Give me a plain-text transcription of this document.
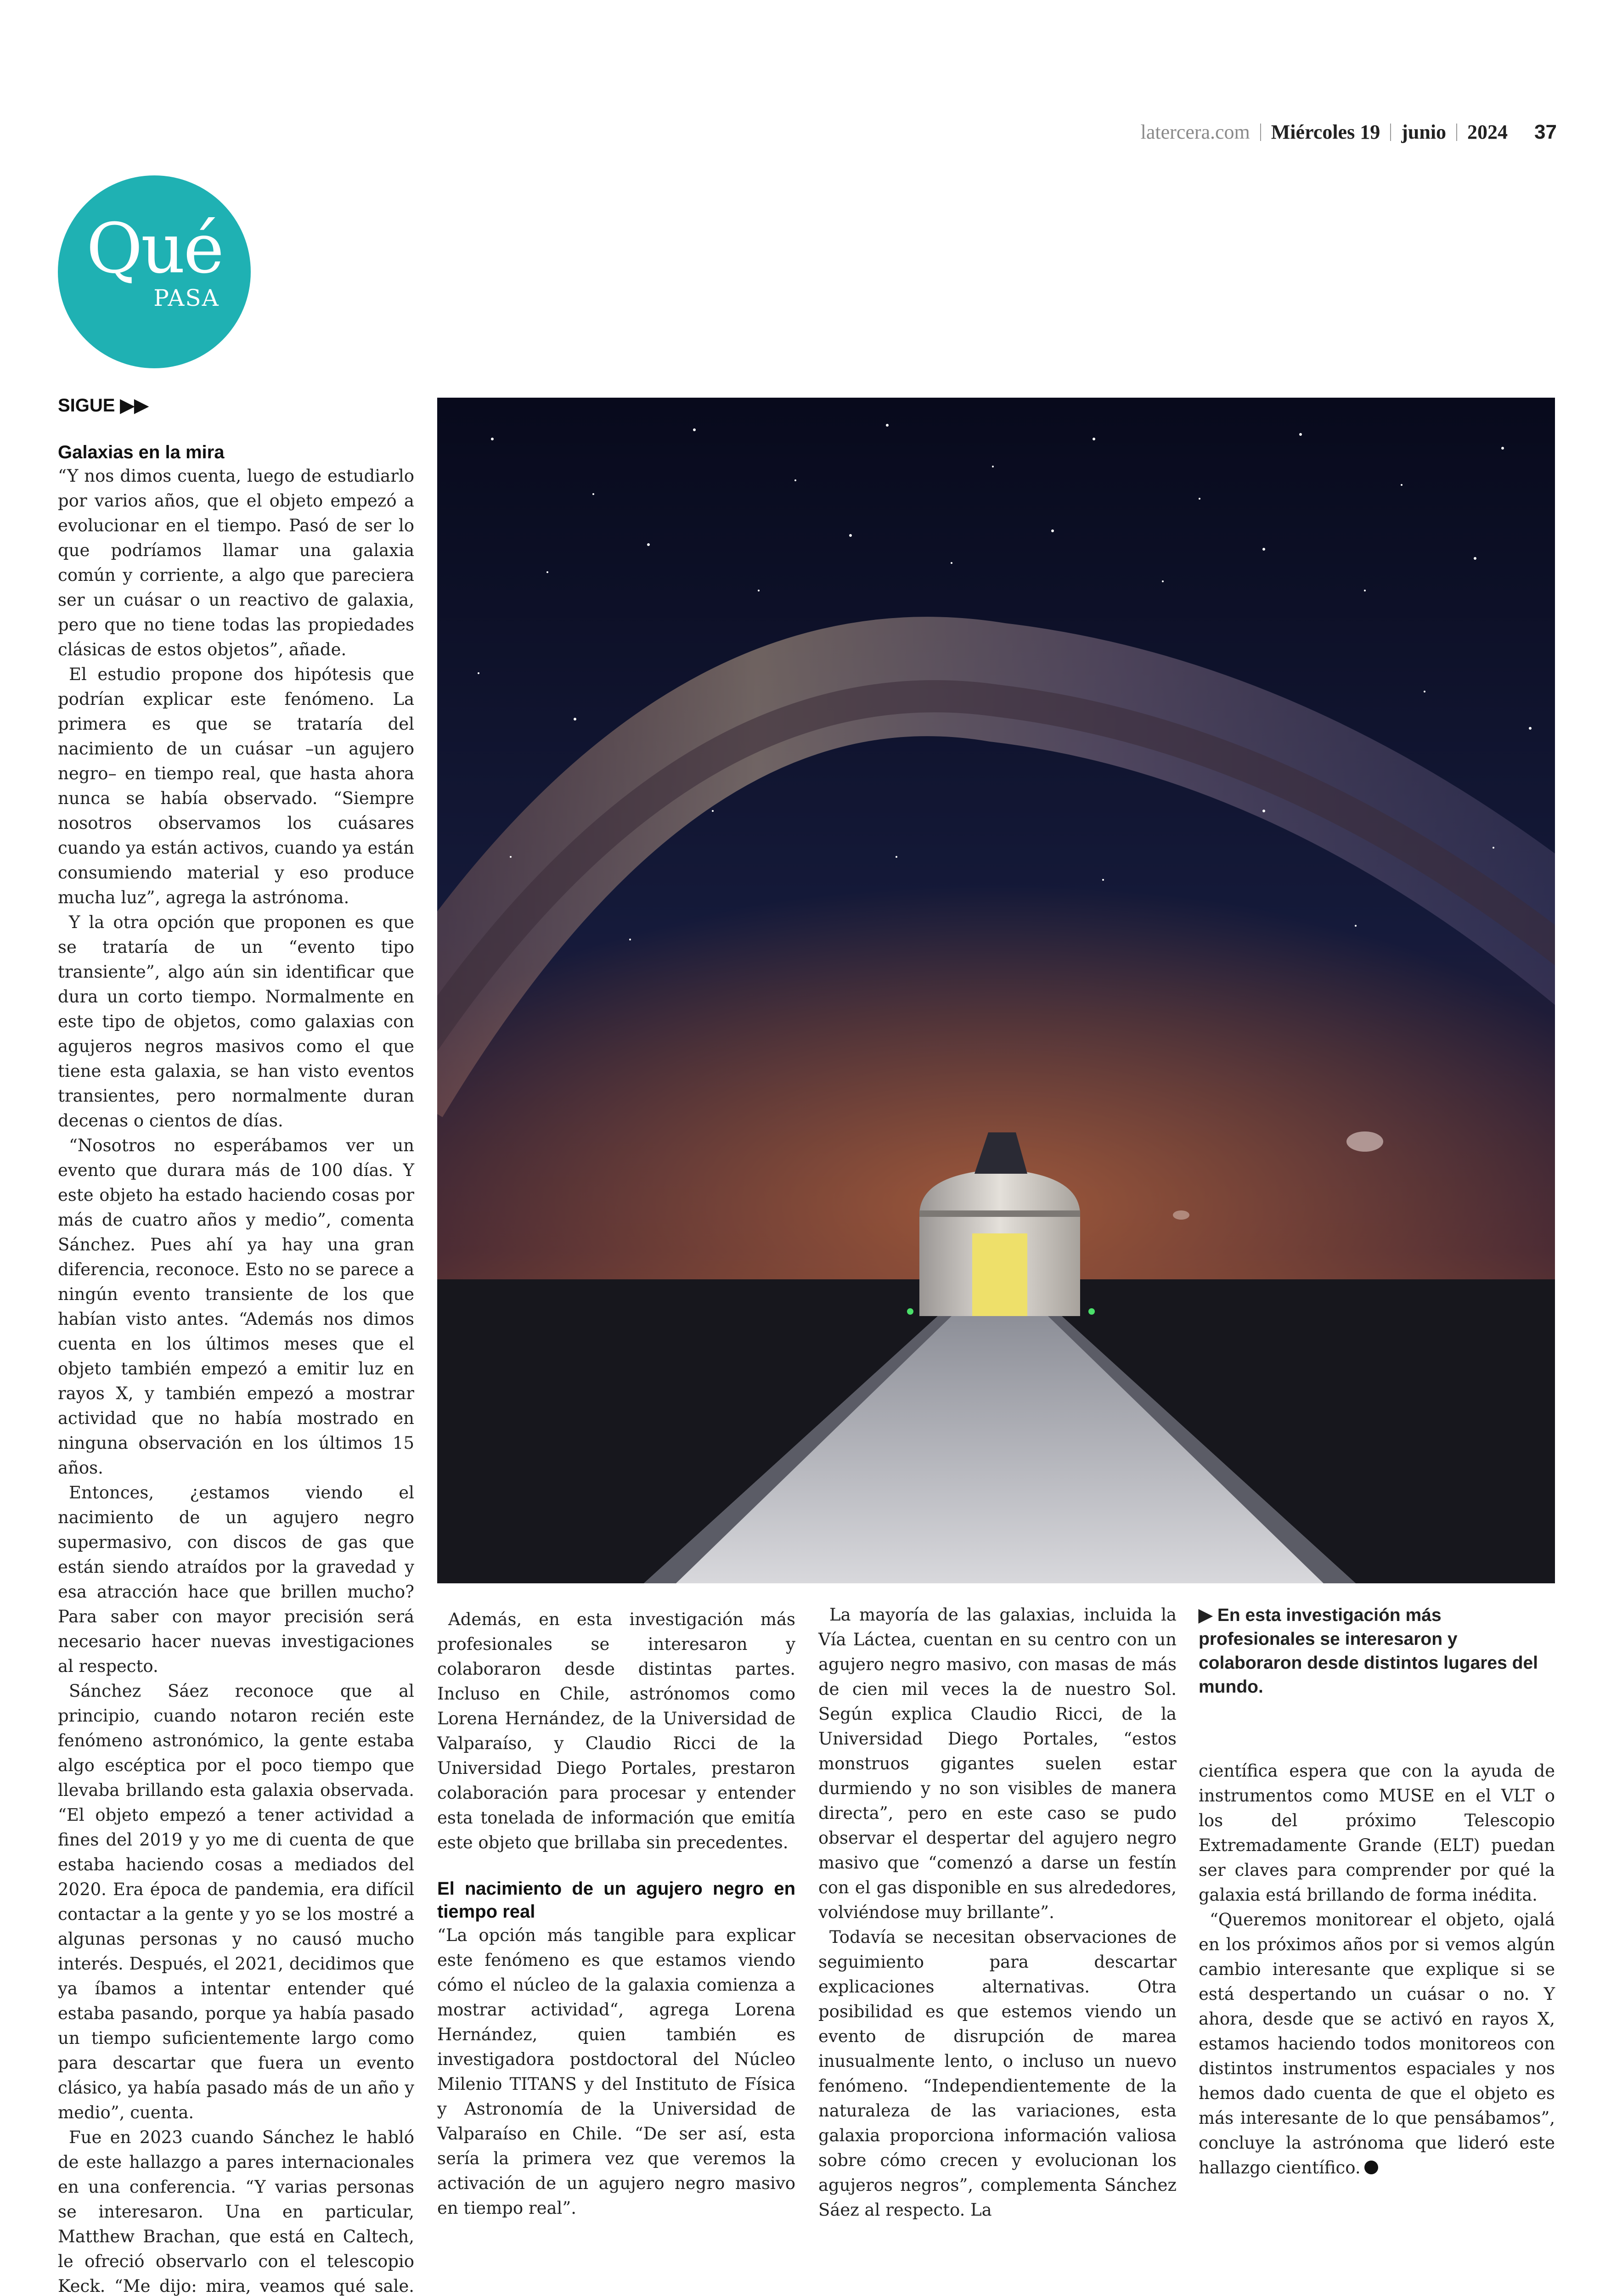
latercera.com Miércoles 19 junio 2024 37
Qué
PASA
SIGUE ▶▶
Galaxias en la mira

“Y nos dimos cuenta, luego de estudiarlo por varios años, que el objeto empezó a evolucionar en el tiempo. Pasó de ser lo que podríamos llamar una galaxia común y corriente, a algo que pareciera ser un cuásar o un reactivo de galaxia, pero que no tiene todas las propiedades clásicas de estos objetos”, añade.

El estudio propone dos hipótesis que podrían explicar este fenómeno. La primera es que se trataría del nacimiento de un cuásar –un agujero negro– en tiempo real, que hasta ahora nunca se había observado. “Siempre nosotros observamos los cuásares cuando ya están activos, cuando ya están consumiendo material y eso produce mucha luz”, agrega la astrónoma.

Y la otra opción que proponen es que se trataría de un “evento tipo transiente”, algo aún sin identificar que dura un corto tiempo. Normalmente en este tipo de objetos, como galaxias con agujeros negros masivos como el que tiene esta galaxia, se han visto eventos transientes, pero normalmente duran decenas o cientos de días.

“Nosotros no esperábamos ver un evento que durara más de 100 días. Y este objeto ha estado haciendo cosas por más de cuatro años y medio”, comenta Sánchez. Pues ahí ya hay una gran diferencia, reconoce. Esto no se parece a ningún evento transiente de los que habían visto antes. “Además nos dimos cuenta en los últimos meses que el objeto también empezó a emitir luz en rayos X, y también empezó a mostrar actividad que no había mostrado en ninguna observación en los últimos 15 años.

Entonces, ¿estamos viendo el nacimiento de un agujero negro supermasivo, con discos de gas que están siendo atraídos por la gravedad y esa atracción hace que brillen mucho? Para saber con mayor precisión será necesario hacer nuevas investigaciones al respecto.

Sánchez Sáez reconoce que al principio, cuando notaron recién este fenómeno astronómico, la gente estaba algo escéptica por el poco tiempo que llevaba brillando esta galaxia observada. “El objeto empezó a tener actividad a fines del 2019 y yo me di cuenta de que estaba haciendo cosas a mediados del 2020. Era época de pandemia, era difícil contactar a la gente y yo se los mostré a algunas personas y no causó mucho interés. Después, el 2021, decidimos que ya íbamos a intentar entender qué estaba pasando, porque ya había pasado un tiempo suficientemente largo como para descartar que fuera un evento clásico, ya había pasado más de un año y medio”, cuenta.

Fue en 2023 cuando Sánchez le habló de este hallazgo a pares internacionales en una conferencia. “Y varias personas se interesaron. Una en particular, Matthew Brachan, que está en Caltech, le ofreció observarlo con el telescopio Keck. “Me dijo: mira, veamos qué sale.

Además, en esta investigación más profesionales se interesaron y colaboraron desde distintas partes. Incluso en Chile, astrónomos como Lorena Hernández, de la Universidad de Valparaíso, y Claudio Ricci de la Universidad Diego Portales, prestaron colaboración para procesar y entender esta tonelada de información que emitía este objeto que brillaba sin precedentes.

El nacimiento de un agujero negro en tiempo real

“La opción más tangible para explicar este fenómeno es que estamos viendo cómo el núcleo de la galaxia comienza a mostrar actividad“, agrega Lorena Hernández, quien también es investigadora postdoctoral del Núcleo Milenio TITANS y del Instituto de Física y Astronomía de la Universidad de Valparaíso en Chile. “De ser así, esta sería la primera vez que veremos la activación de un agujero negro masivo en tiempo real”.

La mayoría de las galaxias, incluida la Vía Láctea, cuentan en su centro con un agujero negro masivo, con masas de más de cien mil veces la de nuestro Sol. Según explica Claudio Ricci, de la Universidad Diego Portales, “estos monstruos gigantes suelen estar durmiendo y no son visibles de manera directa”, pero en este caso se pudo observar el despertar del agujero negro masivo que “comenzó a darse un festín con el gas disponible en sus alrededores, volviéndose muy brillante”.

Todavía se necesitan observaciones de seguimiento para descartar explicaciones alternativas. Otra posibilidad es que estemos viendo un evento de disrupción de marea inusualmente lento, o incluso un nuevo fenómeno. “Independientemente de la naturaleza de las variaciones, esta galaxia proporciona información valiosa sobre cómo crecen y evolucionan los agujeros negros”, complementa Sánchez Sáez al respecto. La

▶ En esta investigación más profesionales se interesaron y colaboraron desde distintos lugares del mundo.

científica espera que con la ayuda de instrumentos como MUSE en el VLT o los del próximo Telescopio Extremadamente Grande (ELT) puedan ser claves para comprender por qué la galaxia está brillando de forma inédita.

“Queremos monitorear el objeto, ojalá en los próximos años por si vemos algún cambio interesante que explique si se está despertando un cuásar o no. Y ahora, desde que se activó en rayos X, estamos haciendo todos monitoreos con distintos instrumentos espaciales y nos hemos dado cuenta de que el objeto es más interesante de lo que pensábamos”, concluye la astrónoma que lideró este hallazgo científico.
